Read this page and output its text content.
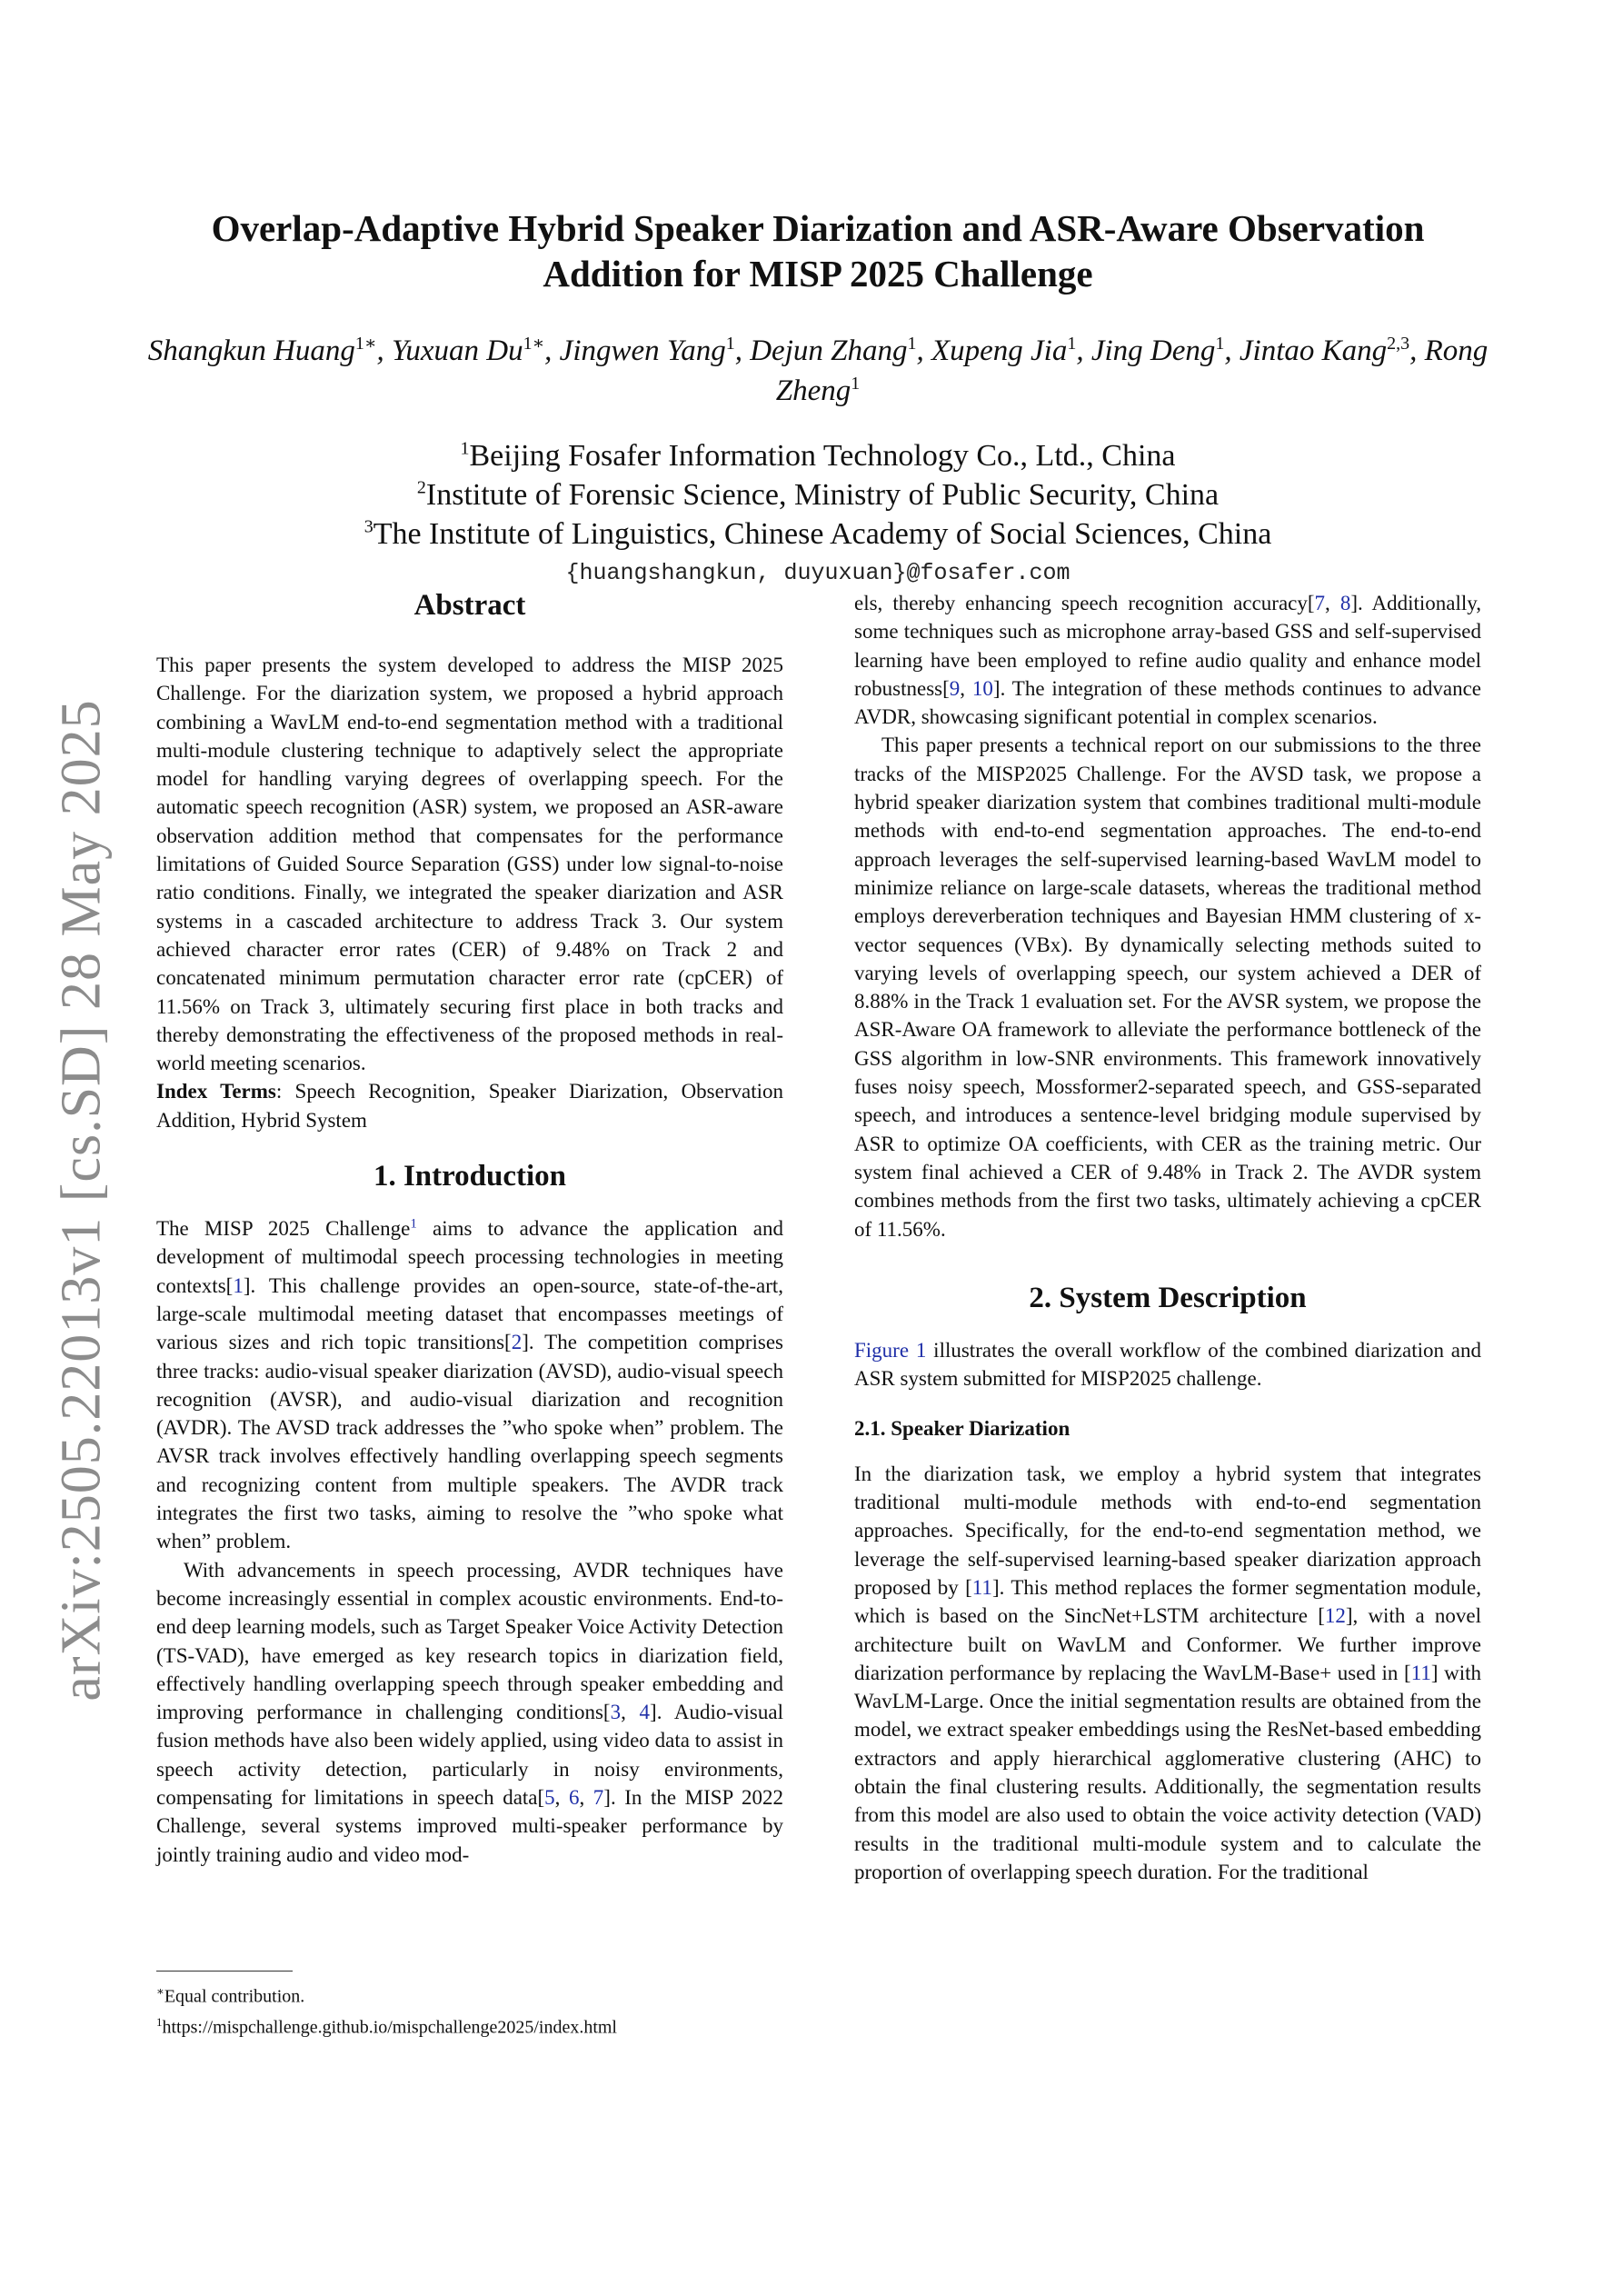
arXiv:2505.22013v1 [cs.SD] 28 May 2025
Overlap-Adaptive Hybrid Speaker Diarization and ASR-Aware Observation
Addition for MISP 2025 Challenge
Shangkun Huang$^{1∗}$, Yuxuan $Du^{1∗}$, Jingwen Yang$^1$, Dejun Zhang$^1$, Xupeng Jia$^1$, Jing Deng$^1$, Jintao Kang$^{2,3}$, Rong Zheng$^1$
$^1$Beijing Fosafer Information Technology Co., Ltd., China
$^2$Institute of Forensic Science, Ministry of Public Security, China
$^3$The Institute of Linguistics, Chinese Academy of Social Sciences, China
{huangshangkun, duyuxuan}@fosafer.com
Abstract

This paper presents the system developed to address the MISP 2025 Challenge. For the diarization system, we proposed a hybrid approach combining a WavLM end-to-end segmentation method with a traditional multi-module clustering technique to adaptively select the appropriate model for handling varying degrees of overlapping speech. For the automatic speech recognition (ASR) system, we proposed an ASR-aware observation addition method that compensates for the performance limitations of Guided Source Separation (GSS) under low signal-to-noise ratio conditions. Finally, we integrated the speaker diarization and ASR systems in a cascaded architecture to address Track 3. Our system achieved character error rates (CER) of 9.48% on Track 2 and concatenated minimum permutation character error rate (cpCER) of 11.56% on Track 3, ultimately securing first place in both tracks and thereby demonstrating the effectiveness of the proposed methods in real-world meeting scenarios.

Index Terms: Speech Recognition, Speaker Diarization, Observation Addition, Hybrid System

1. Introduction

The MISP 2025 Challenge$^1$ aims to advance the application and development of multimodal speech processing technologies in meeting contexts[1]. This challenge provides an open-source, state-of-the-art, large-scale multimodal meeting dataset that encompasses meetings of various sizes and rich topic transitions[2]. The competition comprises three tracks: audio-visual speaker diarization (AVSD), audio-visual speech recognition (AVSR), and audio-visual diarization and recognition (AVDR). The AVSD track addresses the ”who spoke when” problem. The AVSR track involves effectively handling overlapping speech segments and recognizing content from multiple speakers. The AVDR track integrates the first two tasks, aiming to resolve the ”who spoke what when” problem.

With advancements in speech processing, AVDR techniques have become increasingly essential in complex acoustic environments. End-to-end deep learning models, such as Target Speaker Voice Activity Detection (TS-VAD), have emerged as key research topics in diarization field, effectively handling overlapping speech through speaker embedding and improving performance in challenging conditions[3, 4]. Audio-visual fusion methods have also been widely applied, using video data to assist in speech activity detection, particularly in noisy environments, compensating for limitations in speech data[5, 6, 7]. In the MISP 2022 Challenge, several systems improved multi-speaker performance by jointly training audio and video mod-

∗Equal contribution.
$^1$https://mispchallenge.github.io/mispchallenge2025/index.html

els, thereby enhancing speech recognition accuracy[7, 8]. Additionally, some techniques such as microphone array-based GSS and self-supervised learning have been employed to refine audio quality and enhance model robustness[9, 10]. The integration of these methods continues to advance AVDR, showcasing significant potential in complex scenarios.

This paper presents a technical report on our submissions to the three tracks of the MISP2025 Challenge. For the AVSD task, we propose a hybrid speaker diarization system that combines traditional multi-module methods with end-to-end segmentation approaches. The end-to-end approach leverages the self-supervised learning-based WavLM model to minimize reliance on large-scale datasets, whereas the traditional method employs dereverberation techniques and Bayesian HMM clustering of x-vector sequences (VBx). By dynamically selecting methods suited to varying levels of overlapping speech, our system achieved a DER of 8.88% in the Track 1 evaluation set. For the AVSR system, we propose the ASR-Aware OA framework to alleviate the performance bottleneck of the GSS algorithm in low-SNR environments. This framework innovatively fuses noisy speech, Mossformer2-separated speech, and GSS-separated speech, and introduces a sentence-level bridging module supervised by ASR to optimize OA coefficients, with CER as the training metric. Our system final achieved a CER of 9.48% in Track 2. The AVDR system combines methods from the first two tasks, ultimately achieving a cpCER of 11.56%.

2. System Description

Figure 1 illustrates the overall workflow of the combined diarization and ASR system submitted for MISP2025 challenge.

2.1. Speaker Diarization

In the diarization task, we employ a hybrid system that integrates traditional multi-module methods with end-to-end segmentation approaches. Specifically, for the end-to-end segmentation method, we leverage the self-supervised learning-based speaker diarization approach proposed by [11]. This method replaces the former segmentation module, which is based on the SincNet+LSTM architecture [12], with a novel architecture built on WavLM and Conformer. We further improve diarization performance by replacing the WavLM-Base+ used in [11] with WavLM-Large. Once the initial segmentation results are obtained from the model, we extract speaker embeddings using the ResNet-based embedding extractors and apply hierarchical agglomerative clustering (AHC) to obtain the final clustering results. Additionally, the segmentation results from this model are also used to obtain the voice activity detection (VAD) results in the traditional multi-module system and to calculate the proportion of overlapping speech duration. For the traditional
